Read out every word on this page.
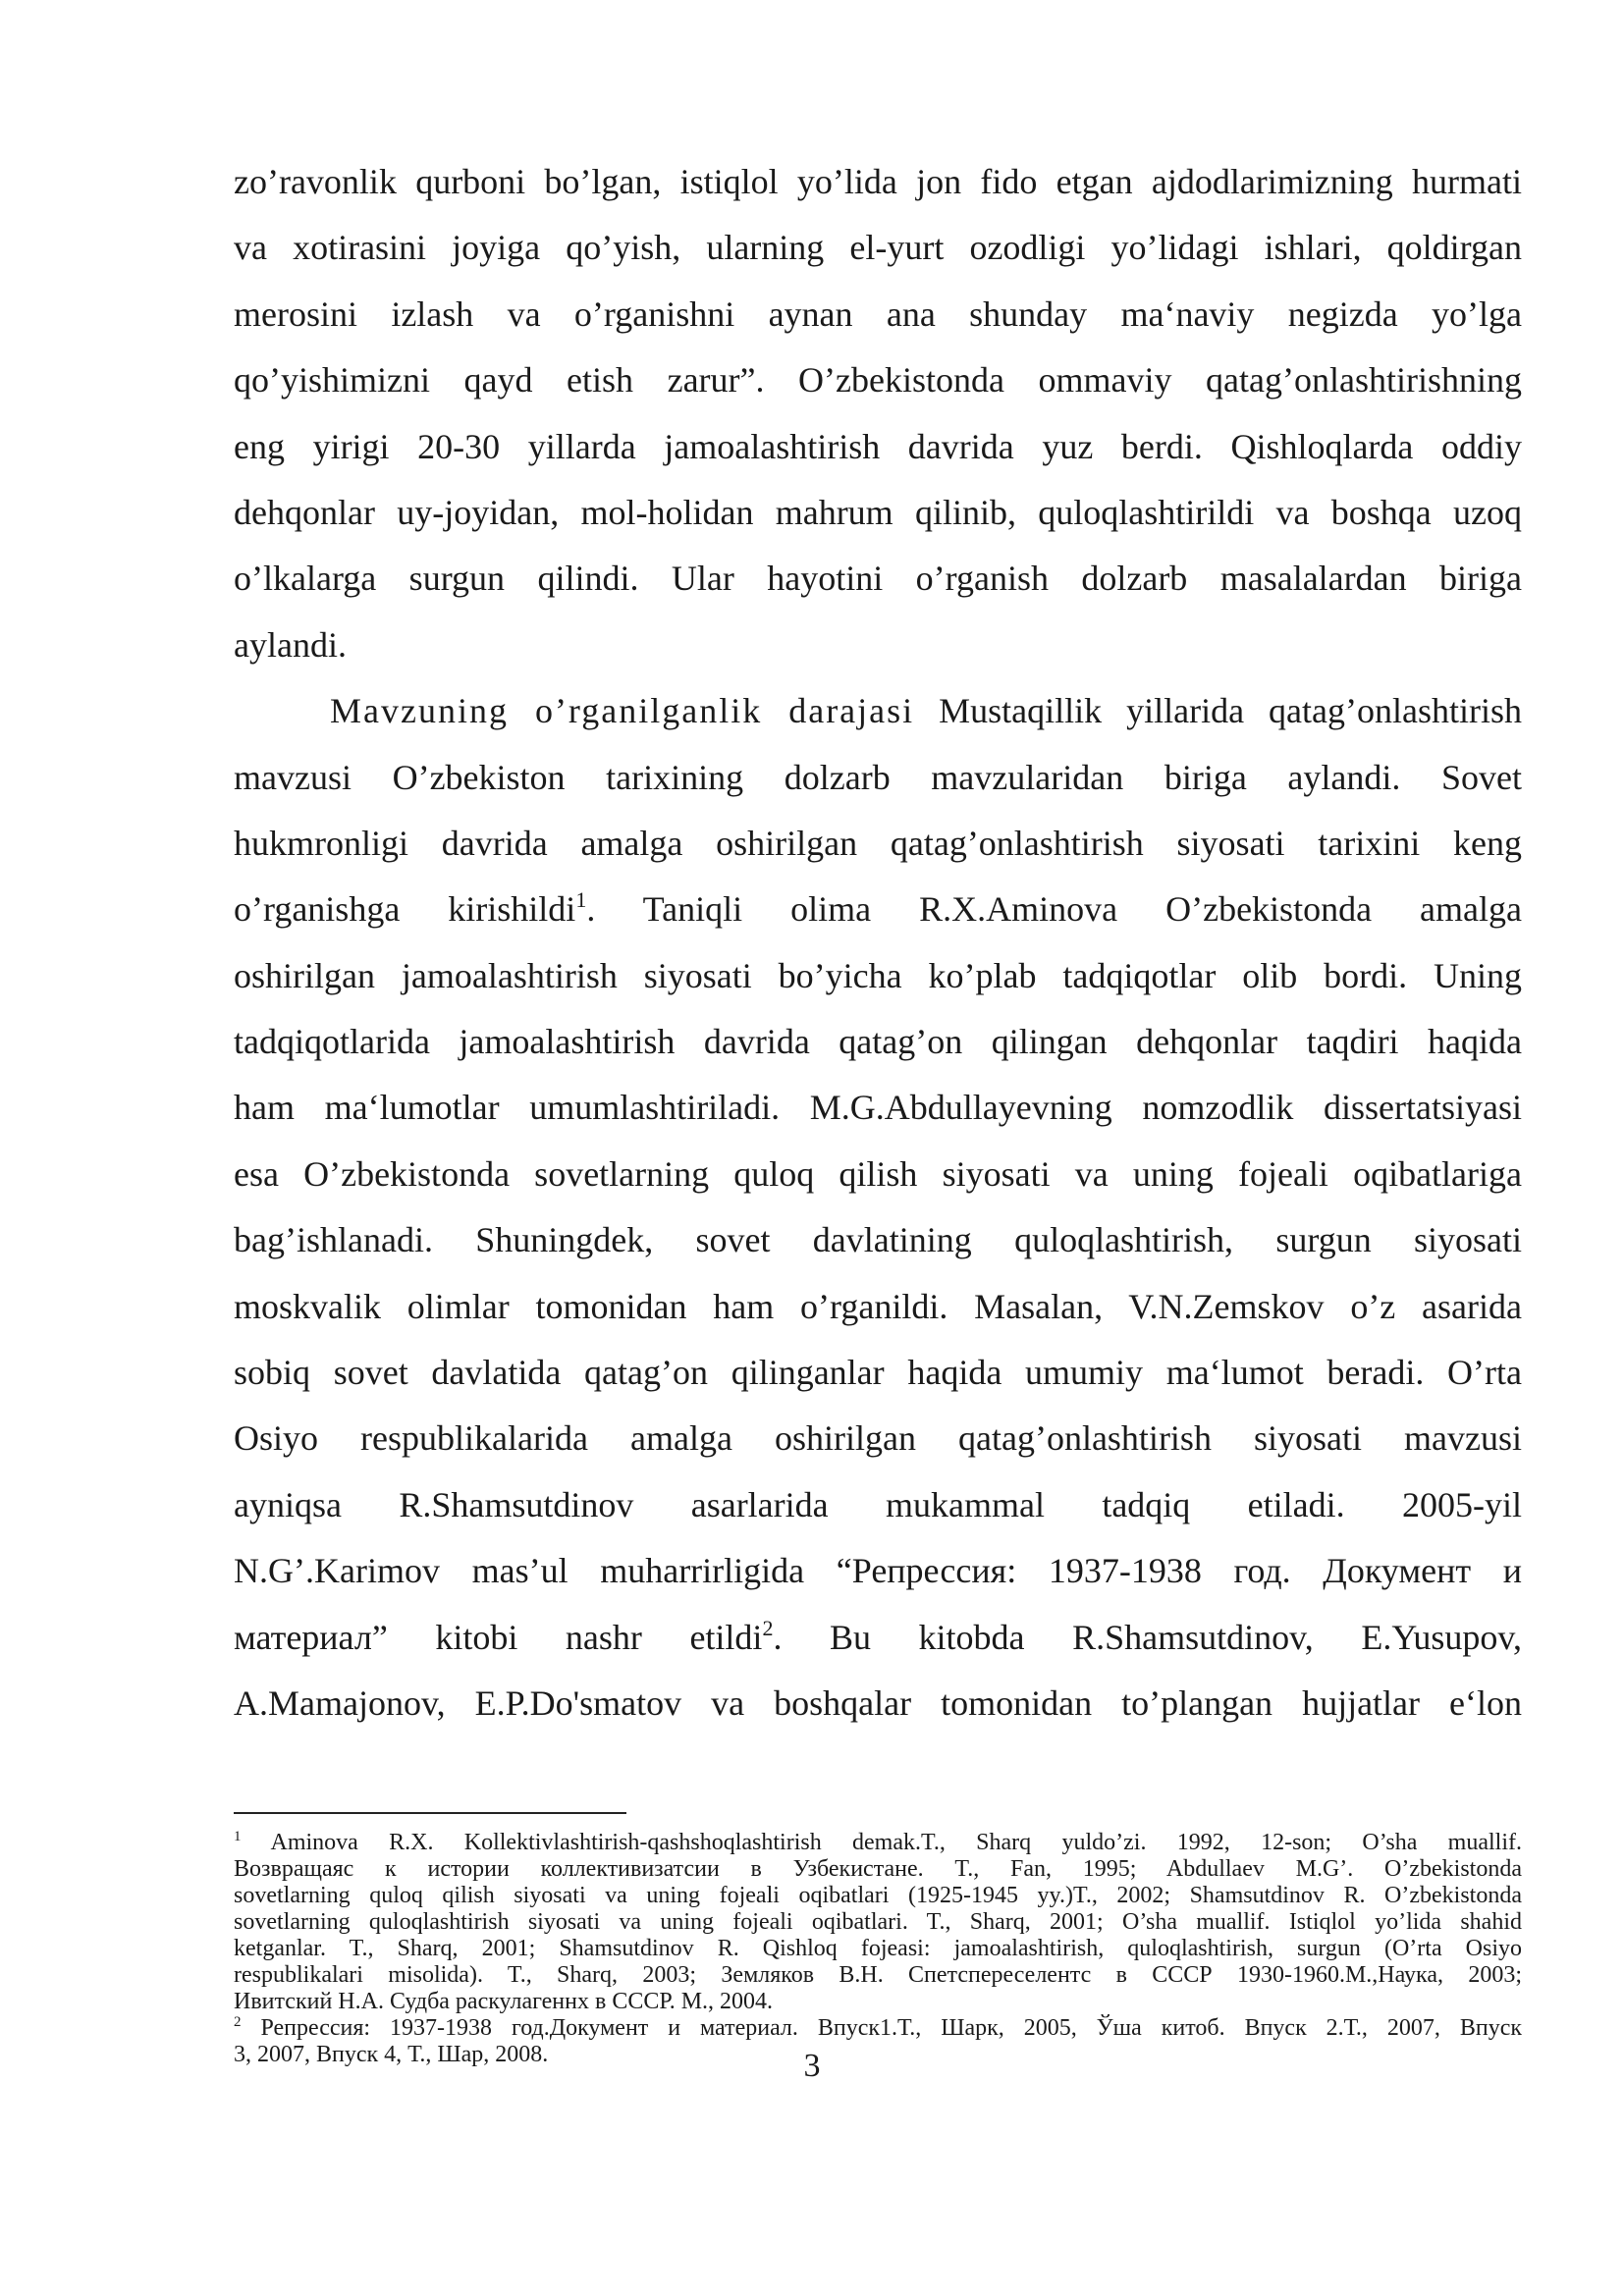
zo’ravonlik qurboni bo’lgan, istiqlol yo’lida jon fido etgan ajdodlarimizning hurmati
va xotirasini joyiga qo’yish, ularning el-yurt ozodligi yo’lidagi ishlari, qoldirgan
merosini izlash va o’rganishni aynan ana shunday ma‘naviy negizda yo’lga
qo’yishimizni qayd etish zarur”. O’zbekistonda ommaviy qatag’onlashtirishning
eng yirigi 20-30 yillarda jamoalashtirish davrida yuz berdi. Qishloqlarda oddiy
dehqonlar uy-joyidan, mol-holidan mahrum qilinib, quloqlashtirildi va boshqa uzoq
o’lkalarga surgun qilindi. Ular hayotini o’rganish dolzarb masalalardan biriga
aylandi.
Mavzuning o’rganilganlik darajasi Mustaqillik yillarida qatag’onlashtirish
mavzusi O’zbekiston tarixining dolzarb mavzularidan biriga aylandi. Sovet
hukmronligi davrida amalga oshirilgan qatag’onlashtirish siyosati tarixini keng
o’rganishga kirishildi$^1$. Taniqli olima R.X.Aminova O’zbekistonda amalga
oshirilgan jamoalashtirish siyosati bo’yicha ko’plab tadqiqotlar olib bordi. Uning
tadqiqotlarida jamoalashtirish davrida qatag’on qilingan dehqonlar taqdiri haqida
ham ma‘lumotlar umumlashtiriladi. M.G.Abdullayevning nomzodlik dissertatsiyasi
esa O’zbekistonda sovetlarning quloq qilish siyosati va uning fojeali oqibatlariga
bag’ishlanadi. Shuningdek, sovet davlatining quloqlashtirish, surgun siyosati
moskvalik olimlar tomonidan ham o’rganildi. Masalan, V.N.Zemskov o’z asarida
sobiq sovet davlatida qatag’on qilinganlar haqida umumiy ma‘lumot beradi. O’rta
Osiyo respublikalarida amalga oshirilgan qatag’onlashtirish siyosati mavzusi
ayniqsa R.Shamsutdinov asarlarida mukammal tadqiq etiladi. 2005-yil
N.G’.Karimov mas’ul muharrirligida “Репрессия: 1937-1938 год. Документ и
материал” kitobi nashr etildi$^2$. Bu kitobda R.Shamsutdinov, E.Yusupov,
A.Mamajonov, E.P.Do'smatov va boshqalar tomonidan to’plangan hujjatlar e‘lon
$^1$ Aminova R.X. Kollektivlashtirish-qashshoqlashtirish demak.T., Sharq yuldo’zi. 1992, 12-son; O’sha muallif.
Возвращаяс к истории коллективизатсии в Узбекистане. T., Fan, 1995; Abdullaev M.G’. O’zbekistonda
sovetlarning quloq qilish siyosati va uning fojeali oqibatlari (1925-1945 yy.)T., 2002; Shamsutdinov R. O’zbekistonda
sovetlarning quloqlashtirish siyosati va uning fojeali oqibatlari. T., Sharq, 2001; O’sha muallif. Istiqlol yo’lida shahid
ketganlar. T., Sharq, 2001; Shamsutdinov R. Qishloq fojeasi: jamoalashtirish, quloqlashtirish, surgun (O’rta Osiyo
respublikalari misolida). T., Sharq, 2003; Земляков В.Н. Спетспереселентс в СССР 1930-1960.М.,Наука, 2003;
Ивитский Н.А. Судба раскулагеннх в СССР. М., 2004.
$^2$ Репрессия: 1937-1938 год.Документ и материал. Впуск1.Т., Шарк, 2005, Ўша китоб. Впуск 2.Т., 2007, Впуск
3, 2007, Впуск 4, Т., Шар, 2008.	3
